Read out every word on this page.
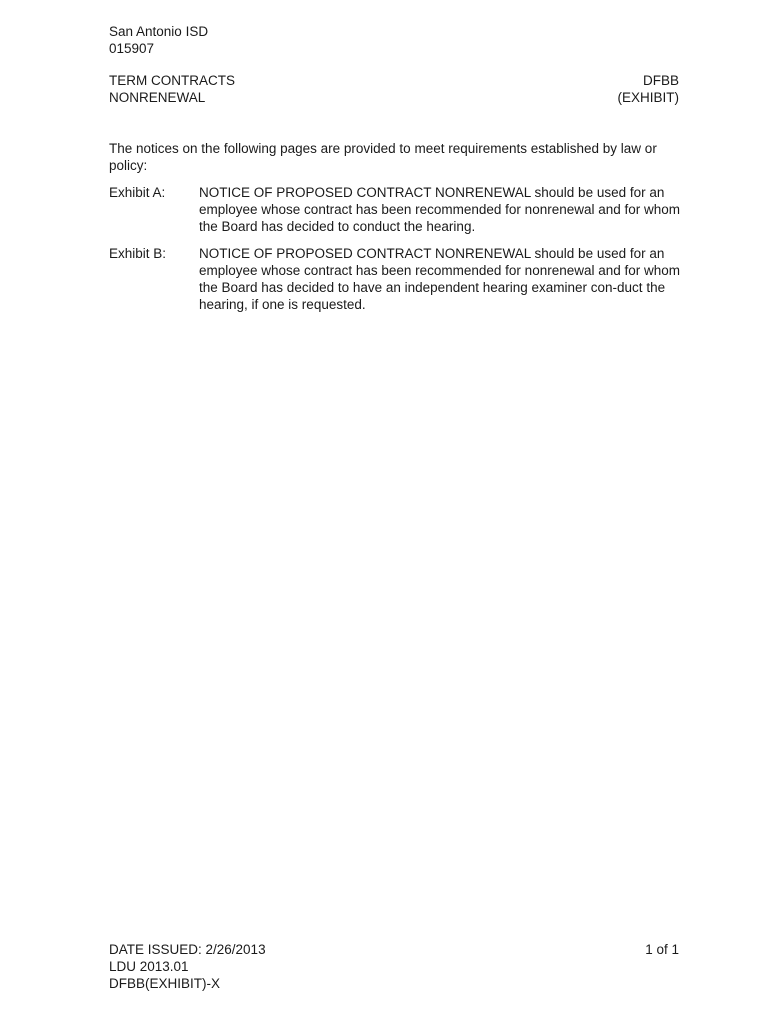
San Antonio ISD
015907
TERM CONTRACTS
NONRENEWAL
DFBB
(EXHIBIT)
The notices on the following pages are provided to meet requirements established by law or policy:
Exhibit A:	NOTICE OF PROPOSED CONTRACT NONRENEWAL should be used for an employee whose contract has been recommended for nonrenewal and for whom the Board has decided to conduct the hearing.
Exhibit B:	NOTICE OF PROPOSED CONTRACT NONRENEWAL should be used for an employee whose contract has been recommended for nonrenewal and for whom the Board has decided to have an independent hearing examiner con-duct the hearing, if one is requested.
DATE ISSUED: 2/26/2013
LDU 2013.01
DFBB(EXHIBIT)-X
1 of 1
